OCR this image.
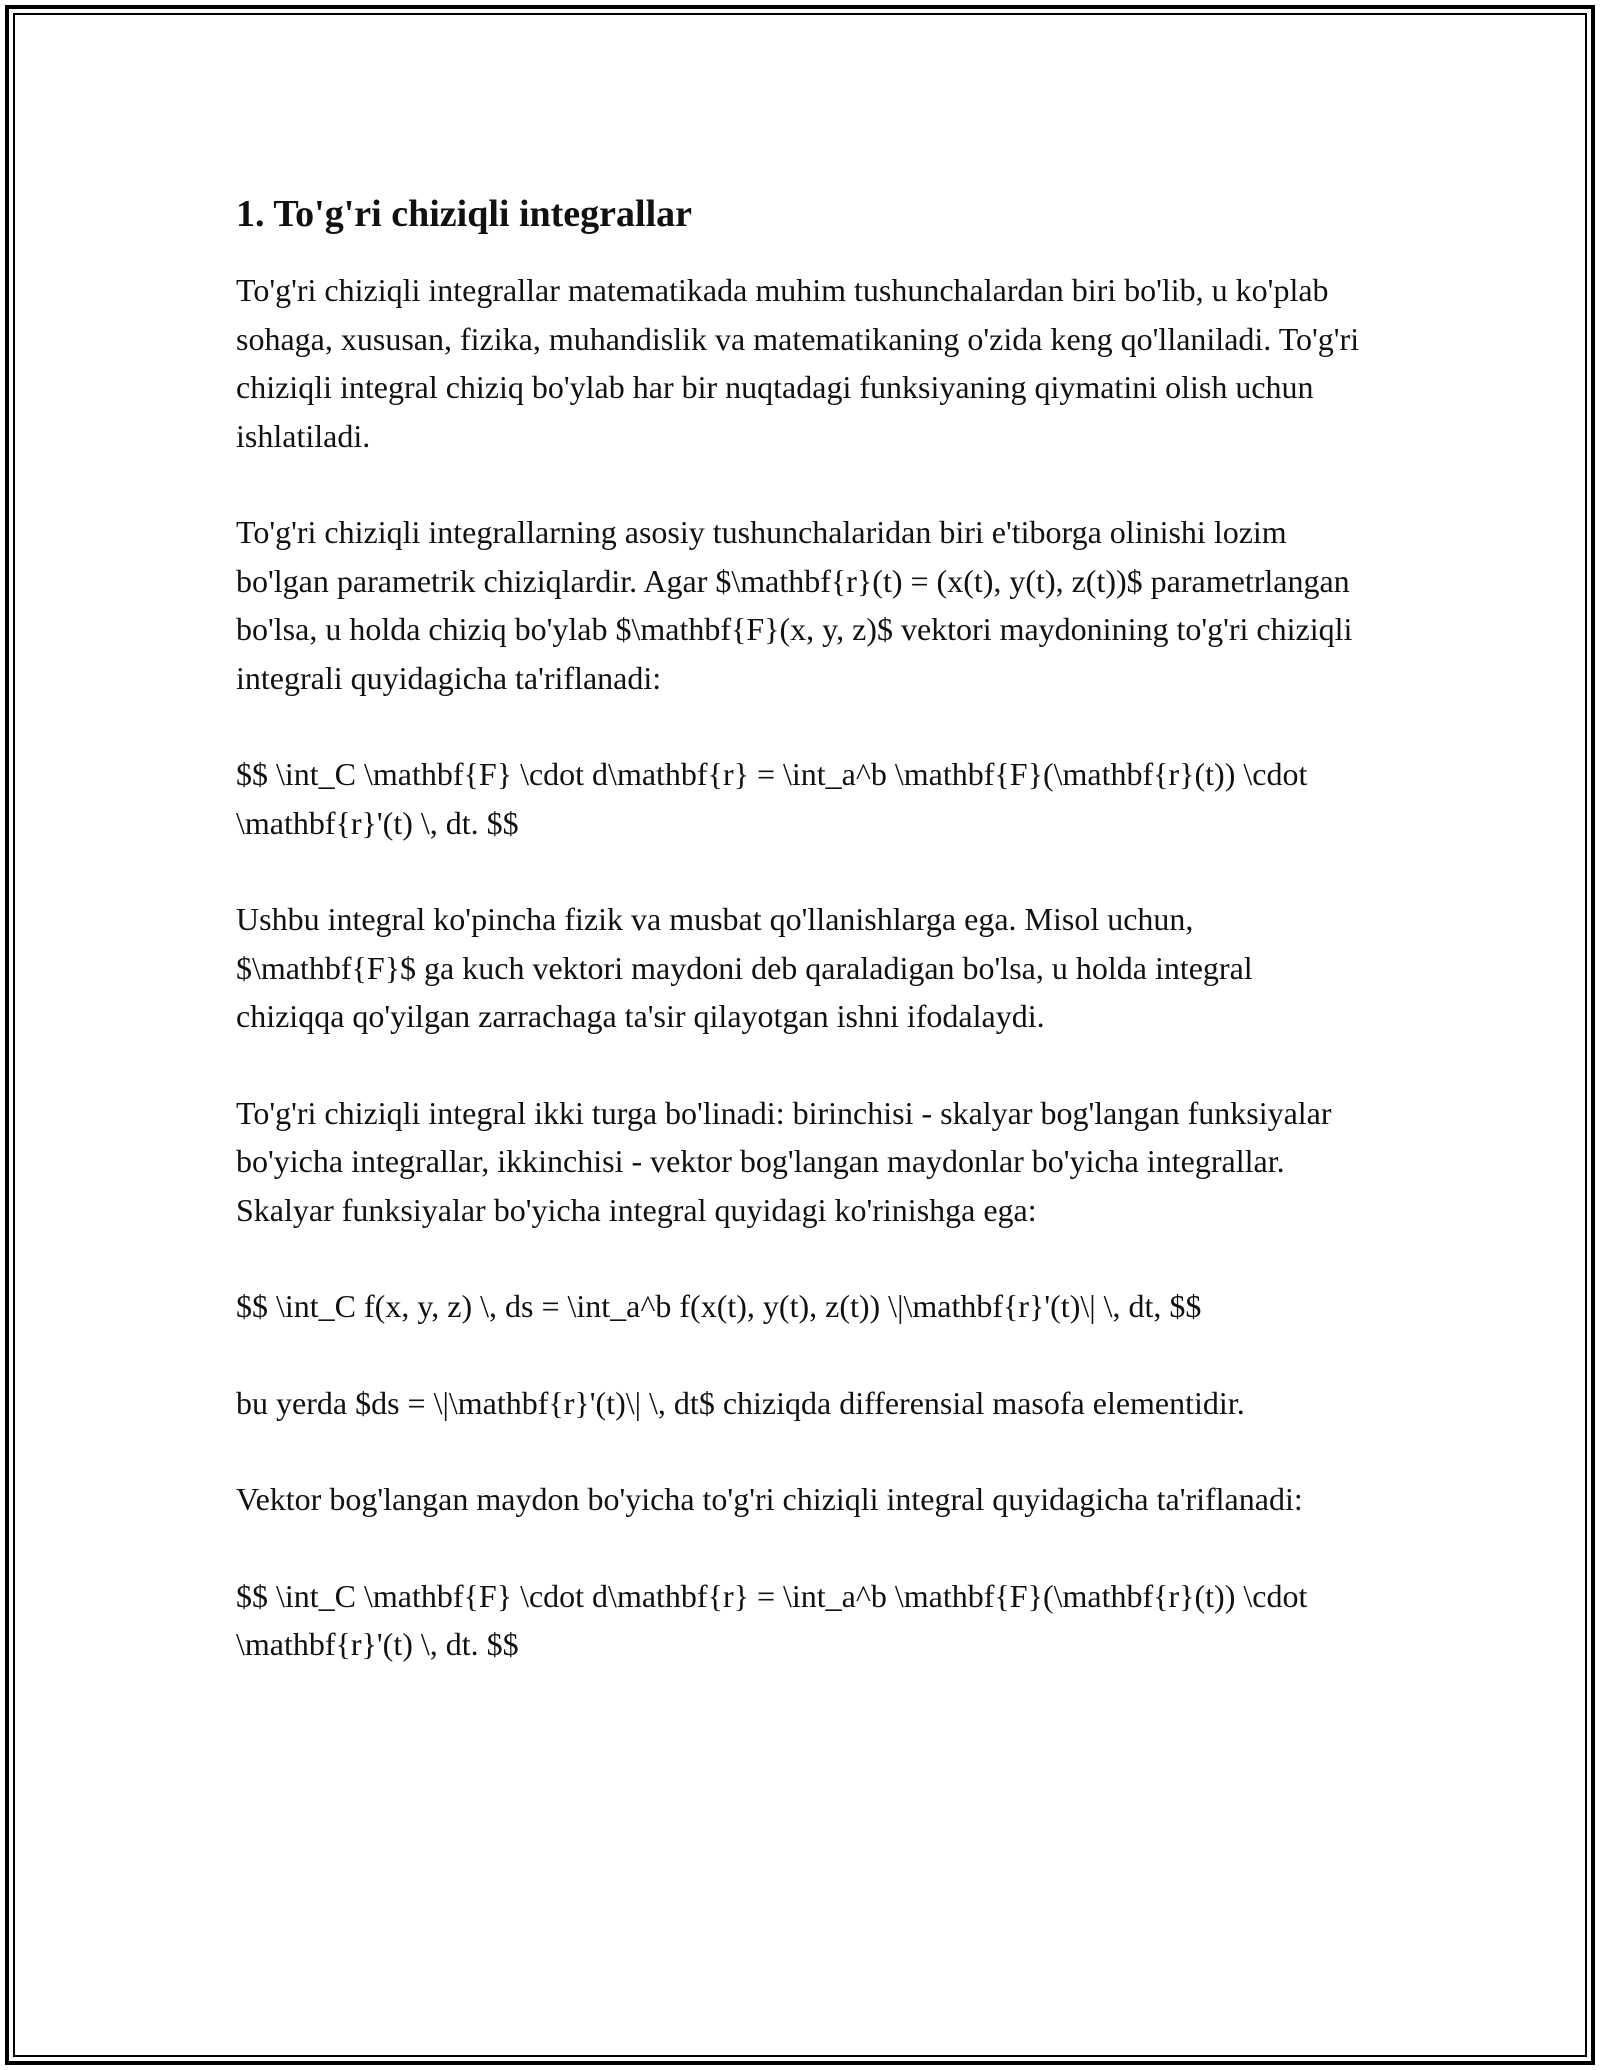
1. To'g'ri chiziqli integrallar

To'g'ri chiziqli integrallar matematikada muhim tushunchalardan biri bo'lib, u ko'plab sohaga, xususan, fizika, muhandislik va matematikaning o'zida keng qo'llaniladi. To'g'ri chiziqli integral chiziq bo'ylab har bir nuqtadagi funksiyaning qiymatini olish uchun ishlatiladi.

To'g'ri chiziqli integrallarning asosiy tushunchalaridan biri e'tiborga olinishi lozim bo'lgan parametrik chiziqlardir. Agar $\mathbf{r}(t) = (x(t), y(t), z(t))$ parametrlangan bo'lsa, u holda chiziq bo'ylab $\mathbf{F}(x, y, z)$ vektori maydonining to'g'ri chiziqli integrali quyidagicha ta'riflanadi:

$$ \int_C \mathbf{F} \cdot d\mathbf{r} = \int_a^b \mathbf{F}(\mathbf{r}(t)) \cdot \mathbf{r}'(t) \, dt. $$

Ushbu integral ko'pincha fizik va musbat qo'llanishlarga ega. Misol uchun, $\mathbf{F}$ ga kuch vektori maydoni deb qaraladigan bo'lsa, u holda integral chiziqqa qo'yilgan zarrachaga ta'sir qilayotgan ishni ifodalaydi.

To'g'ri chiziqli integral ikki turga bo'linadi: birinchisi - skalyar bog'langan funksiyalar bo'yicha integrallar, ikkinchisi - vektor bog'langan maydonlar bo'yicha integrallar. Skalyar funksiyalar bo'yicha integral quyidagi ko'rinishga ega:

$$ \int_C f(x, y, z) \, ds = \int_a^b f(x(t), y(t), z(t)) \|\mathbf{r}'(t)\| \, dt, $$

bu yerda $ds = \|\mathbf{r}'(t)\| \, dt$ chiziqda differensial masofa elementidir.

Vektor bog'langan maydon bo'yicha to'g'ri chiziqli integral quyidagicha ta'riflanadi:

$$ \int_C \mathbf{F} \cdot d\mathbf{r} = \int_a^b \mathbf{F}(\mathbf{r}(t)) \cdot \mathbf{r}'(t) \, dt. $$
